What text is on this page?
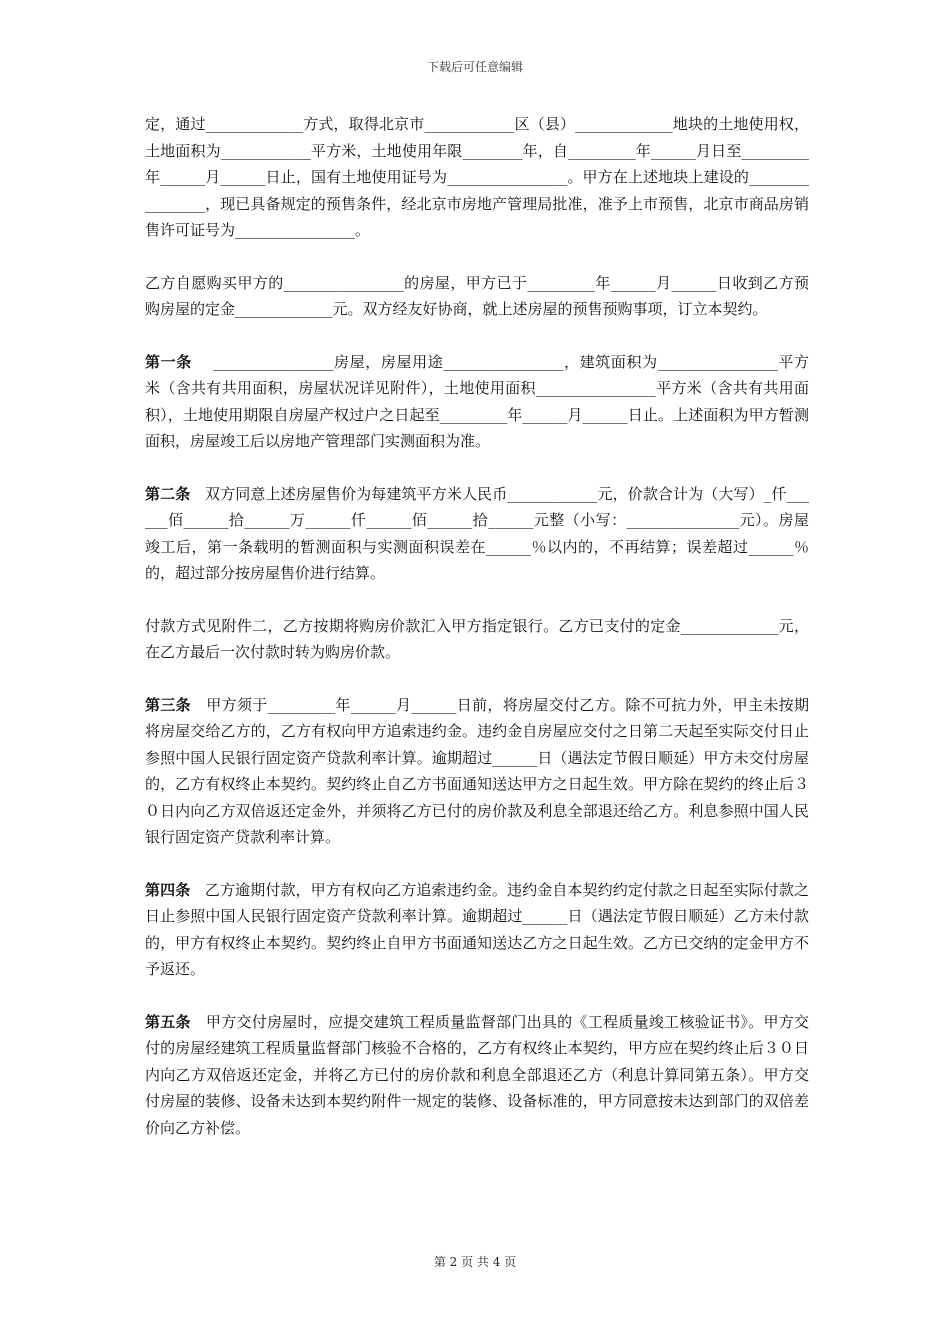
下载后可任意编辑

定，通过_____________方式，取得北京市____________区（县）_____________地块的土地使用权，土地面积为____________平方米，土地使用年限________年，自_________年______月日至_________年______月______日止，国有土地使用证号为________________。甲方在上述地块上建设的________________，现已具备规定的预售条件，经北京市房地产管理局批准，准予上市预售，北京市商品房销售许可证号为________________。

乙方自愿购买甲方的________________的房屋，甲方已于_________年______月______日收到乙方预购房屋的定金_____________元。双方经友好协商，就上述房屋的预售预购事项，订立本契约。

第一条    ________________房屋，房屋用途________________，建筑面积为________________平方米（含共有共用面积，房屋状况详见附件），土地使用面积________________平方米（含共有共用面积），土地使用期限自房屋产权过户之日起至_________年______月______日止。上述面积为甲方暂测面积，房屋竣工后以房地产管理部门实测面积为准。

第二条   双方同意上述房屋售价为每建筑平方米人民币____________元，价款合计为（大写）_仟______佰______拾______万______仟______佰______拾______元整（小写：_______________元）。房屋竣工后，第一条载明的暂测面积与实测面积误差在______％以内的，不再结算；误差超过______％的，超过部分按房屋售价进行结算。

付款方式见附件二，乙方按期将购房价款汇入甲方指定银行。乙方已支付的定金_____________元，在乙方最后一次付款时转为购房价款。

第三条   甲方须于_________年______月______日前，将房屋交付乙方。除不可抗力外，甲主未按期将房屋交给乙方的，乙方有权向甲方追索违约金。违约金自房屋应交付之日第二天起至实际交付日止参照中国人民银行固定资产贷款利率计算。逾期超过______日（遇法定节假日顺延）甲方未交付房屋的，乙方有权终止本契约。契约终止自乙方书面通知送达甲方之日起生效。甲方除在契约的终止后３０日内向乙方双倍返还定金外，并须将乙方已付的房价款及利息全部退还给乙方。利息参照中国人民银行固定资产贷款利率计算。

第四条   乙方逾期付款，甲方有权向乙方追索违约金。违约金自本契约约定付款之日起至实际付款之日止参照中国人民银行固定资产贷款利率计算。逾期超过______日（遇法定节假日顺延）乙方未付款的，甲方有权终止本契约。契约终止自甲方书面通知送达乙方之日起生效。乙方已交纳的定金甲方不予返还。

第五条   甲方交付房屋时，应提交建筑工程质量监督部门出具的《工程质量竣工核验证书》。甲方交付的房屋经建筑工程质量监督部门核验不合格的，乙方有权终止本契约，甲方应在契约终止后３０日内向乙方双倍返还定金，并将乙方已付的房价款和利息全部退还乙方（利息计算同第五条）。甲方交付房屋的装修、设备未达到本契约附件一规定的装修、设备标准的，甲方同意按未达到部门的双倍差价向乙方补偿。

第 2 页 共 4 页
